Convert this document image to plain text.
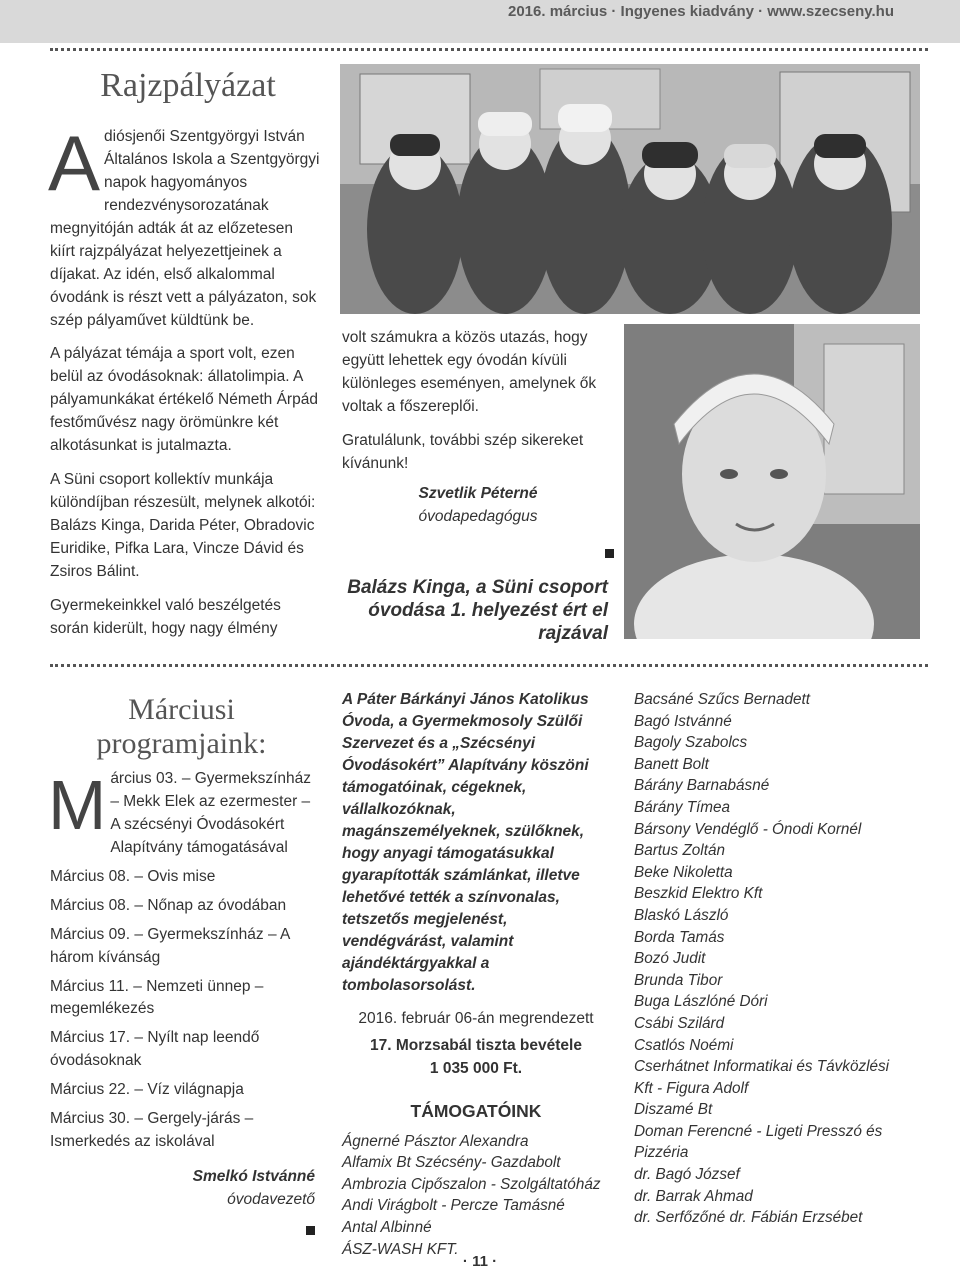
2016. március · Ingyenes kiadvány · www.szecseny.hu
Rajzpályázat

Adiósjenői Szentgyörgyi István Általános Iskola a Szentgyörgyi napok hagyományos rendezvénysorozatának megnyitóján adták át az előzetesen kiírt rajzpályázat helyezettjeinek a díjakat. Az idén, első alkalommal óvodánk is részt vett a pályázaton, sok szép pályaművet küldtünk be.

A pályázat témája a sport volt, ezen belül az óvodásoknak: állatolimpia. A pályamunkákat értékelő Németh Árpád festőművész nagy örömünkre két alkotásunkat is jutalmazta.

A Süni csoport kollektív munkája különdíjban részesült, melynek alkotói: Balázs Kinga, Darida Péter, Obradovic Euridike, Pifka Lara, Vincze Dávid és Zsiros Bálint.

Gyermekeinkkel való beszélgetés során kiderült, hogy nagy élmény

volt számukra a közös utazás, hogy együtt lehettek egy óvodán kívüli különleges eseményen, amelynek ők voltak a főszereplői.

Gratulálunk, további szép sikereket kívánunk!

Szvetlik Péterné
óvodapedagógus
Balázs Kinga, a Süni csoport óvodása 1. helyezést ért el rajzával
Márciusi programjaink:

Március 03. – Gyermekszínház – Mekk Elek az ezermester – A szécsényi Óvodásokért Alapítvány támogatásával

Március 08. – Ovis mise

Március 08. – Nőnap az óvodában

Március 09. – Gyermekszínház – A három kívánság

Március 11. – Nemzeti ünnep – megemlékezés

Március 17. – Nyílt nap leendő óvodásoknak

Március 22. – Víz világnapja

Március 30. – Gergely-járás – Ismerkedés az iskolával

Smelkó Istvánné
óvodavezető

A Páter Bárkányi János Katolikus Óvoda, a Gyermekmosoly Szülői Szervezet és a „Szécsényi Óvodásokért” Alapítvány köszöni támogatóinak, cégeknek, vállalkozóknak, magánszemélyeknek, szülőknek, hogy anyagi támogatásukkal gyarapították számlánkat, illetve lehetővé tették a színvonalas, tetszetős megjelenést, vendégvárást, valamint ajándéktárgyakkal a tombolasorsolást.

2016. február 06-án megrendezett

17. Morzsabál tiszta bevétele
1 035 000 Ft.
TÁMOGATÓINK
Ágnerné Pásztor Alexandra
Alfamix Bt Szécsény- Gazdabolt
Ambrozia Cipőszalon - Szolgáltatóház
Andi Virágbolt - Percze Tamásné
Antal Albinné
ÁSZ-WASH KFT.
Bacsáné Szűcs Bernadett
Bagó Istvánné
Bagoly Szabolcs
Banett Bolt
Bárány Barnabásné
Bárány Tímea
Bársony Vendéglő - Ónodi Kornél
Bartus Zoltán
Beke Nikoletta
Beszkid Elektro Kft
Blaskó László
Borda Tamás
Bozó Judit
Brunda Tibor
Buga Lászlóné Dóri
Csábi Szilárd
Csatlós Noémi
Cserhátnet Informatikai és Távközlési
Kft - Figura Adolf
Diszamé Bt
Doman Ferencné - Ligeti Presszó és
Pizzéria
dr. Bagó József
dr. Barrak Ahmad
dr. Serfőzőné dr. Fábián Erzsébet
· 11 ·
